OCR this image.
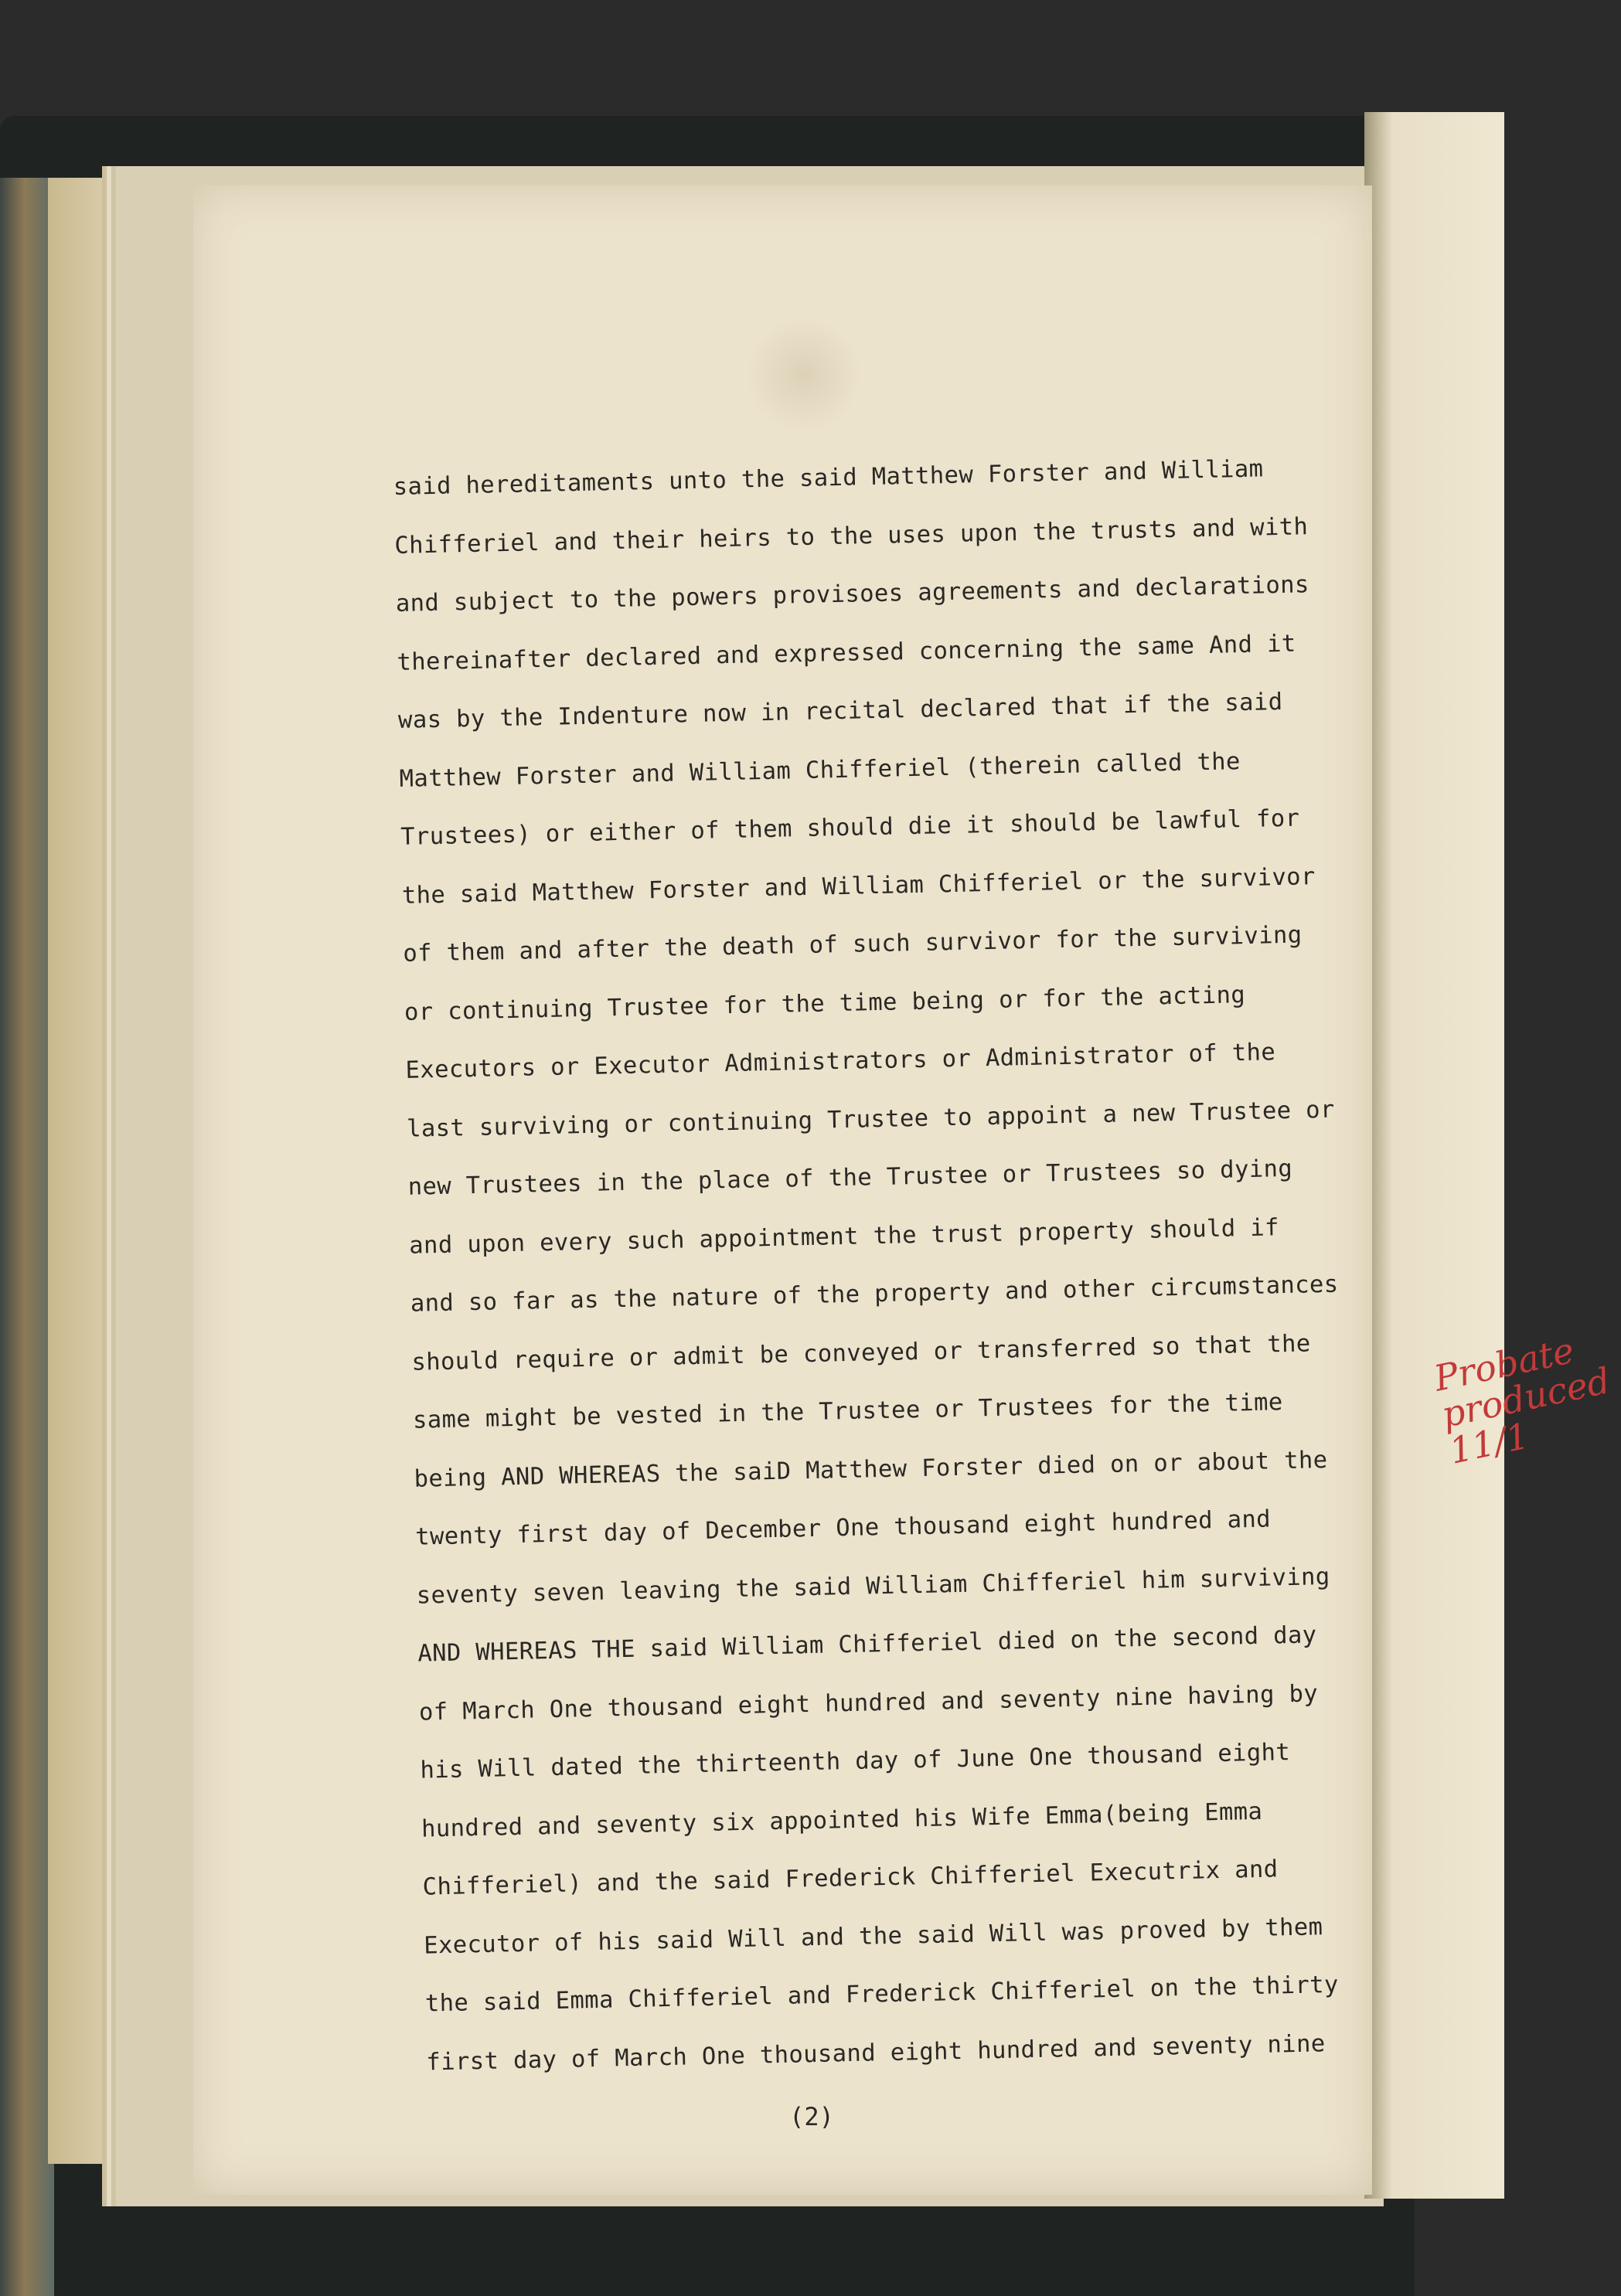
Probate
produced
11/1
said hereditaments unto the said Matthew Forster and William
Chifferiel and their heirs to the uses upon the trusts and with
and subject to the powers provisoes agreements and declarations
thereinafter declared and expressed concerning the same And it
was by the Indenture now in recital declared that if the said
Matthew Forster and William Chifferiel (therein called the
Trustees) or either of them should die it should be lawful for
the said Matthew Forster and William Chifferiel or the survivor
of them and after the death of such survivor for the surviving
or continuing Trustee for the time being or for the acting
Executors or Executor Administrators or Administrator of the
last surviving or continuing Trustee to appoint a new Trustee or
new Trustees in the place of the Trustee or Trustees so dying
and upon every such appointment the trust property should if
and so far as the nature of the property and other circumstances
should require or admit be conveyed or transferred so that the
same might be vested in the Trustee or Trustees for the time
being AND WHEREAS the saiD Matthew Forster died on or about the
twenty first day of December One thousand eight hundred and
seventy seven leaving the said William Chifferiel him surviving
AND WHEREAS THE said William Chifferiel died on the second day
of March One thousand eight hundred and seventy nine having by
his Will dated the thirteenth day of June One thousand eight
hundred and seventy six appointed his Wife Emma(being Emma
Chifferiel) and the said Frederick Chifferiel Executrix and
Executor of his said Will and the said Will was proved by them
the said Emma Chifferiel and Frederick Chifferiel on the thirty
first day of March One thousand eight hundred and seventy nine
(2)
